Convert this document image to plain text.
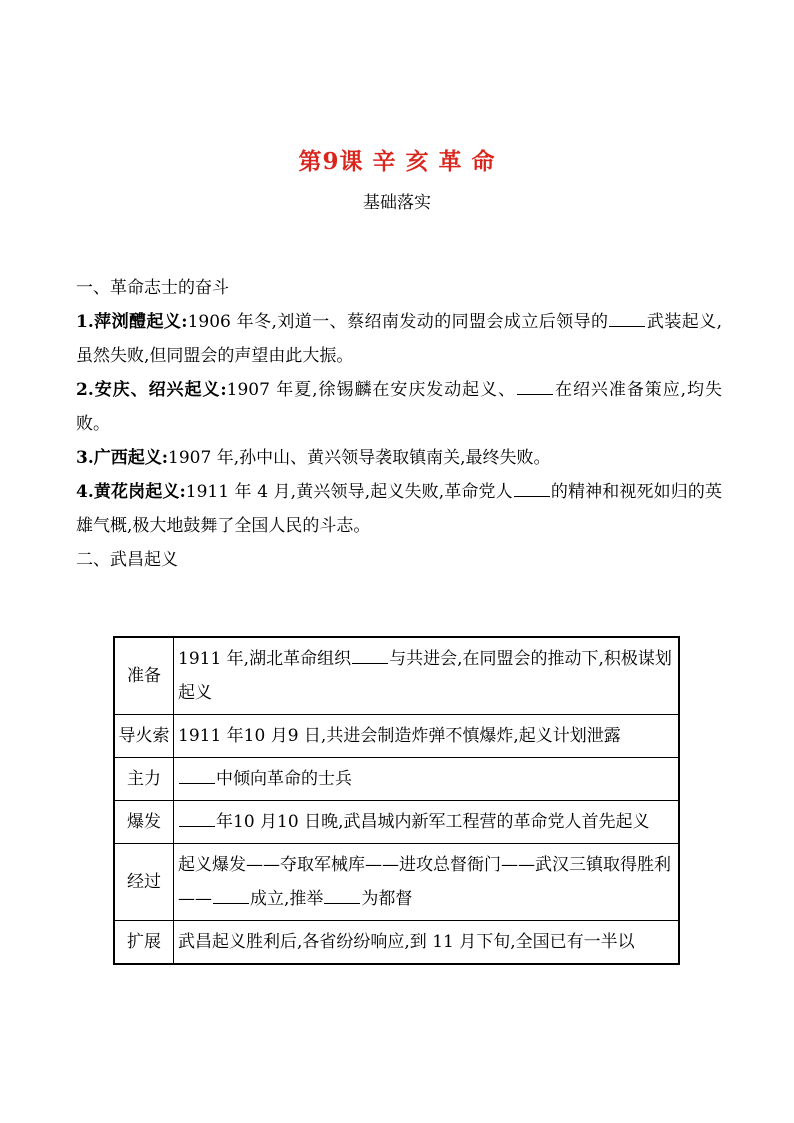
第9课 辛 亥 革 命
基础落实

一、革命志士的奋斗

1.萍浏醴起义:1906 年冬,刘道一、蔡绍南发动的同盟会成立后领导的 武装起义,虽然失败,但同盟会的声望由此大振。

2.安庆、绍兴起义:1907 年夏,徐锡麟在安庆发动起义、 在绍兴准备策应,均失败。

3.广西起义:1907 年,孙中山、黄兴领导袭取镇南关,最终失败。

4.黄花岗起义:1911 年 4 月,黄兴领导,起义失败,革命党人 的精神和视死如归的英雄气概,极大地鼓舞了全国人民的斗志。

二、武昌起义

准备	1911 年,湖北革命组织 与共进会,在同盟会的推动下,积极谋划起义
导火索	1911 年10 月9 日,共进会制造炸弹不慎爆炸,起义计划泄露
主力	中倾向革命的士兵
爆发	年10 月10 日晚,武昌城内新军工程营的革命党人首先起义
经过	起义爆发——夺取军械库——进攻总督衙门——武汉三镇取得胜利—— 成立,推举 为都督
扩展	武昌起义胜利后,各省纷纷响应,到 11 月下旬,全国已有一半以
